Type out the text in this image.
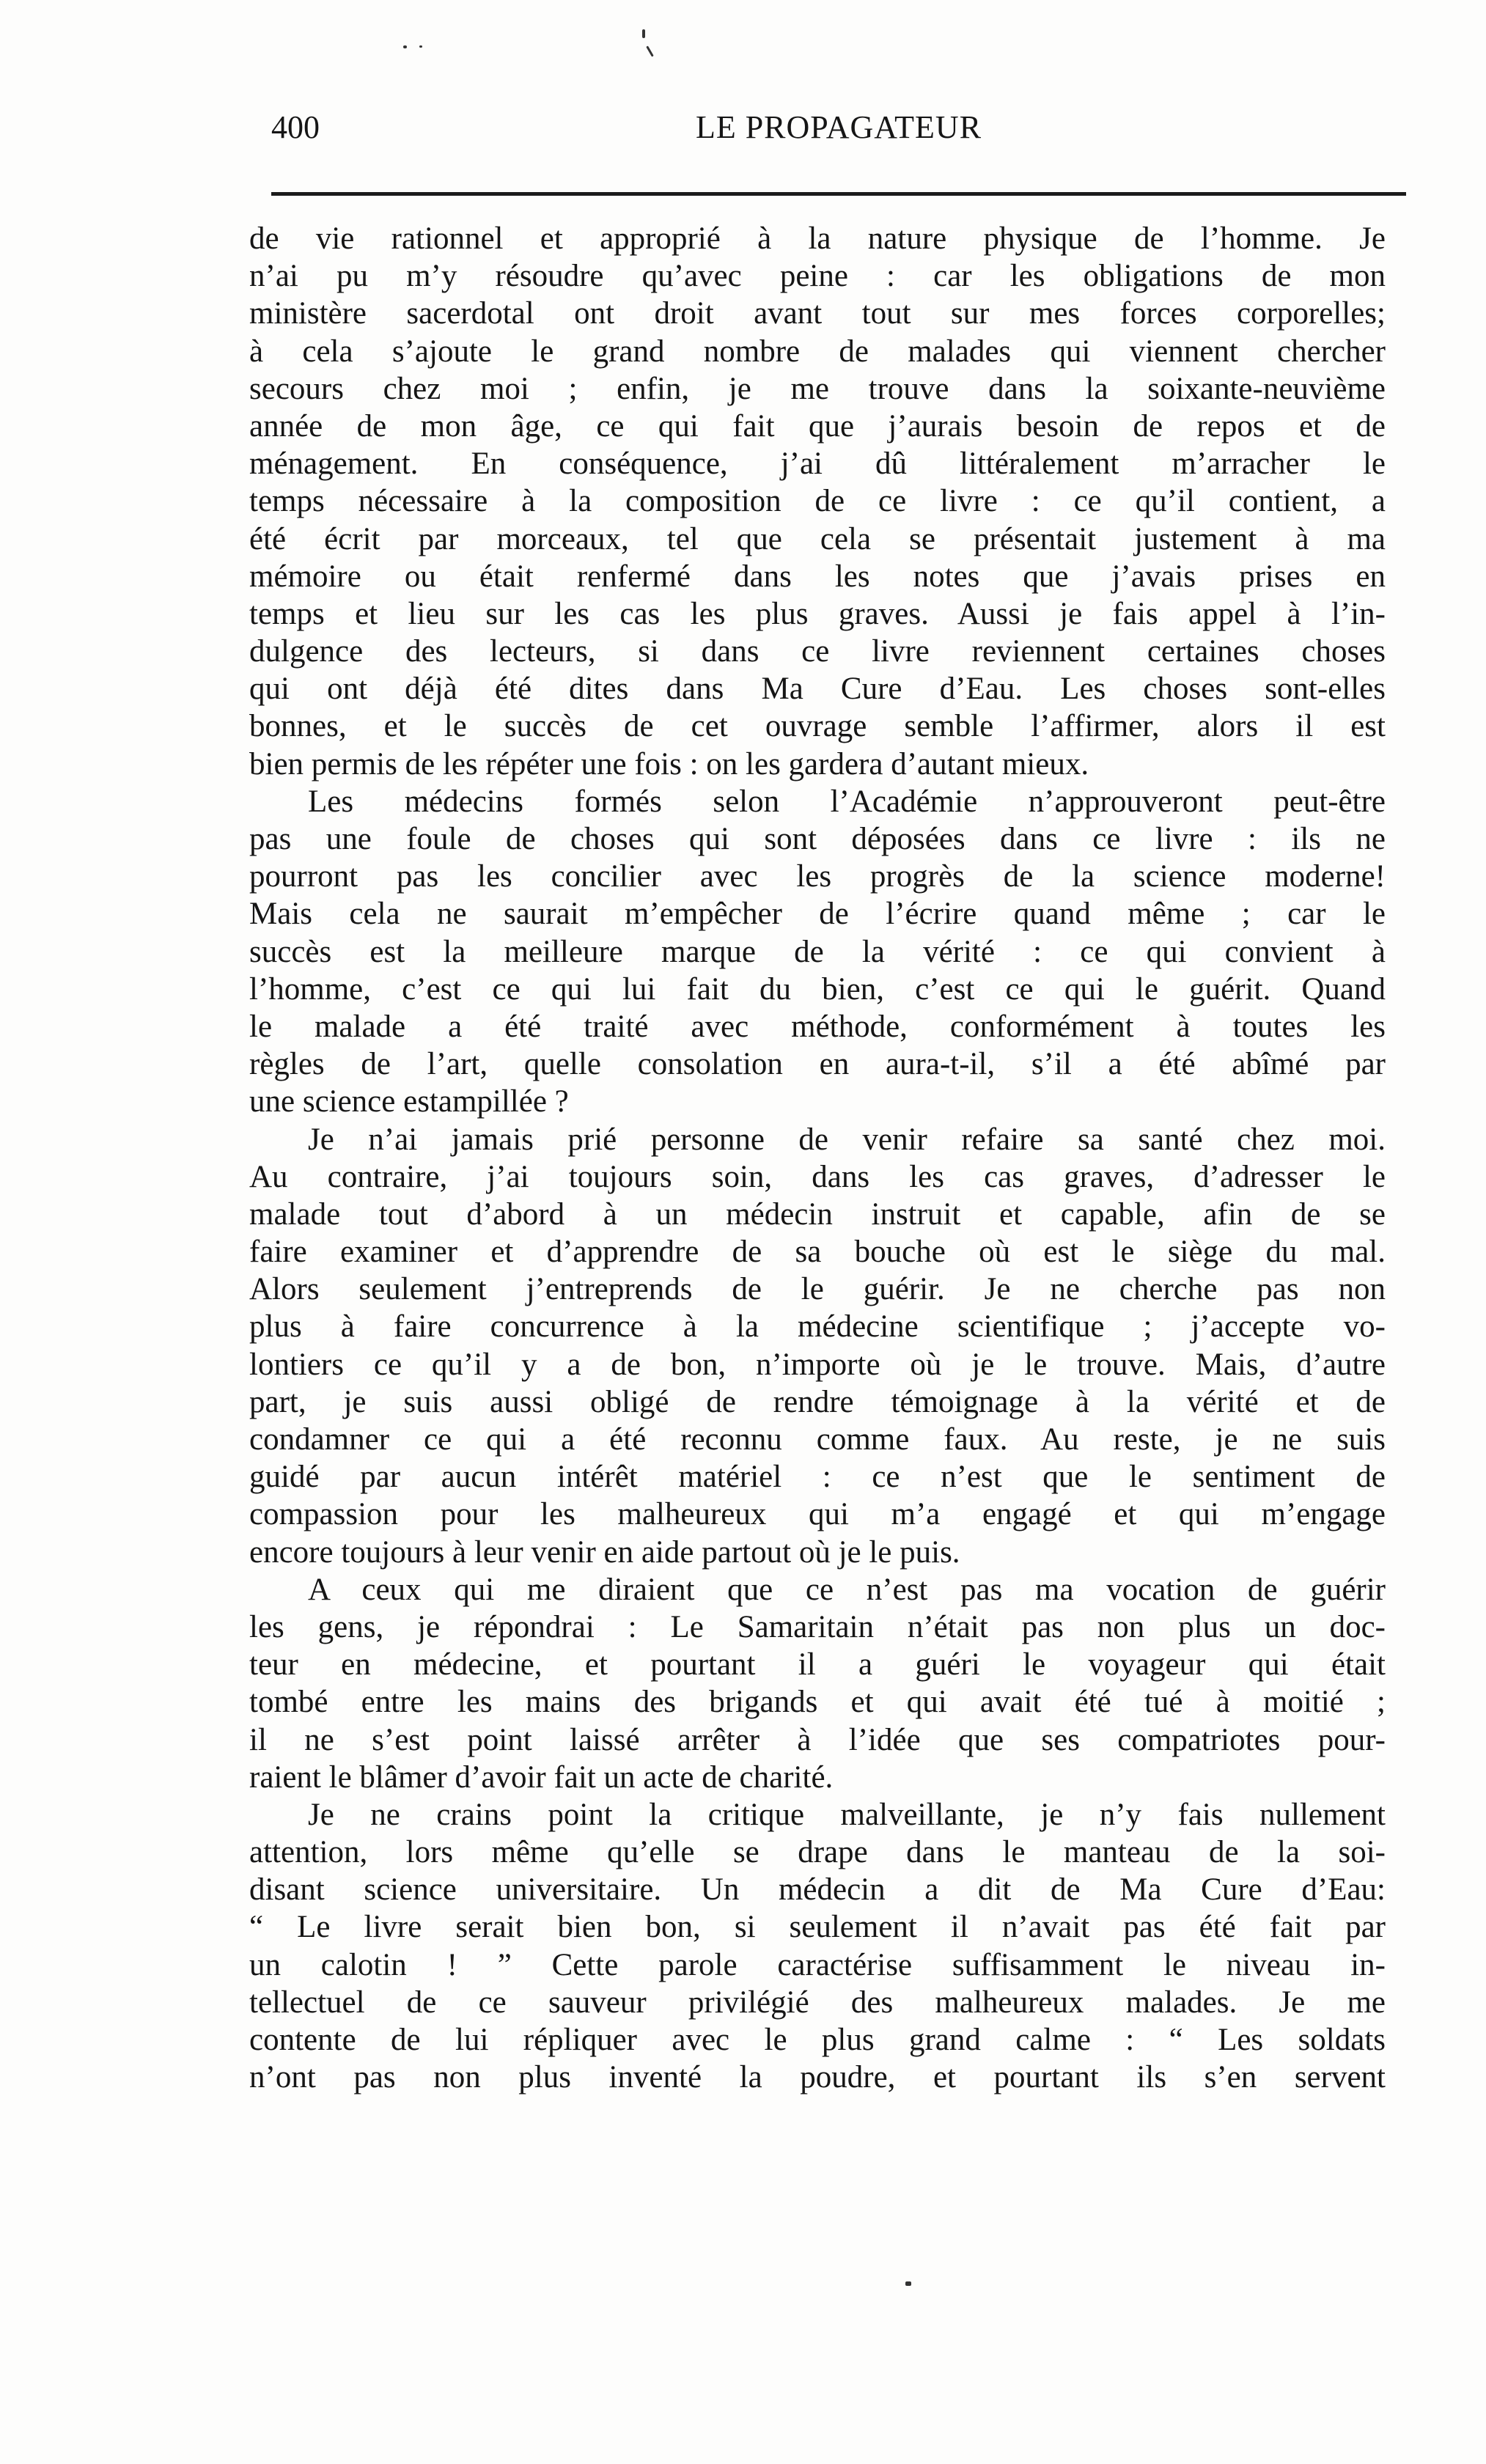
400	LE PROPAGATEUR
de vie rationnel et approprié à la nature physique de l’homme. Je
n’ai pu m’y résoudre qu’avec peine : car les obligations de mon
ministère sacerdotal ont droit avant tout sur mes forces corporelles;
à cela s’ajoute le grand nombre de malades qui viennent chercher
secours chez moi ; enfin, je me trouve dans la soixante-neuvième
année de mon âge, ce qui fait que j’aurais besoin de repos et de
ménagement. En conséquence, j’ai dû littéralement m’arracher le
temps nécessaire à la composition de ce livre : ce qu’il contient, a
été écrit par morceaux, tel que cela se présentait justement à ma
mémoire ou était renfermé dans les notes que j’avais prises en
temps et lieu sur les cas les plus graves. Aussi je fais appel à l’in-
dulgence des lecteurs, si dans ce livre reviennent certaines choses
qui ont déjà été dites dans Ma Cure d’Eau. Les choses sont-elles
bonnes, et le succès de cet ouvrage semble l’affirmer, alors il est
bien permis de les répéter une fois : on les gardera d’autant mieux.
Les médecins formés selon l’Académie n’approuveront peut-être
pas une foule de choses qui sont déposées dans ce livre : ils ne
pourront pas les concilier avec les progrès de la science moderne!
Mais cela ne saurait m’empêcher de l’écrire quand même ; car le
succès est la meilleure marque de la vérité : ce qui convient à
l’homme, c’est ce qui lui fait du bien, c’est ce qui le guérit. Quand
le malade a été traité avec méthode, conformément à toutes les
règles de l’art, quelle consolation en aura-t-il, s’il a été abîmé par
une science estampillée ?
Je n’ai jamais prié personne de venir refaire sa santé chez moi.
Au contraire, j’ai toujours soin, dans les cas graves, d’adresser le
malade tout d’abord à un médecin instruit et capable, afin de se
faire examiner et d’apprendre de sa bouche où est le siège du mal.
Alors seulement j’entreprends de le guérir. Je ne cherche pas non
plus à faire concurrence à la médecine scientifique ; j’accepte vo-
lontiers ce qu’il y a de bon, n’importe où je le trouve. Mais, d’autre
part, je suis aussi obligé de rendre témoignage à la vérité et de
condamner ce qui a été reconnu comme faux. Au reste, je ne suis
guidé par aucun intérêt matériel : ce n’est que le sentiment de
compassion pour les malheureux qui m’a engagé et qui m’engage
encore toujours à leur venir en aide partout où je le puis.
A ceux qui me diraient que ce n’est pas ma vocation de guérir
les gens, je répondrai : Le Samaritain n’était pas non plus un doc-
teur en médecine, et pourtant il a guéri le voyageur qui était
tombé entre les mains des brigands et qui avait été tué à moitié ;
il ne s’est point laissé arrêter à l’idée que ses compatriotes pour-
raient le blâmer d’avoir fait un acte de charité.
Je ne crains point la critique malveillante, je n’y fais nullement
attention, lors même qu’elle se drape dans le manteau de la soi-
disant science universitaire. Un médecin a dit de Ma Cure d’Eau:
“ Le livre serait bien bon, si seulement il n’avait pas été fait par
un calotin ! ” Cette parole caractérise suffisamment le niveau in-
tellectuel de ce sauveur privilégié des malheureux malades. Je me
contente de lui répliquer avec le plus grand calme : “ Les soldats
n’ont pas non plus inventé la poudre, et pourtant ils s’en servent
